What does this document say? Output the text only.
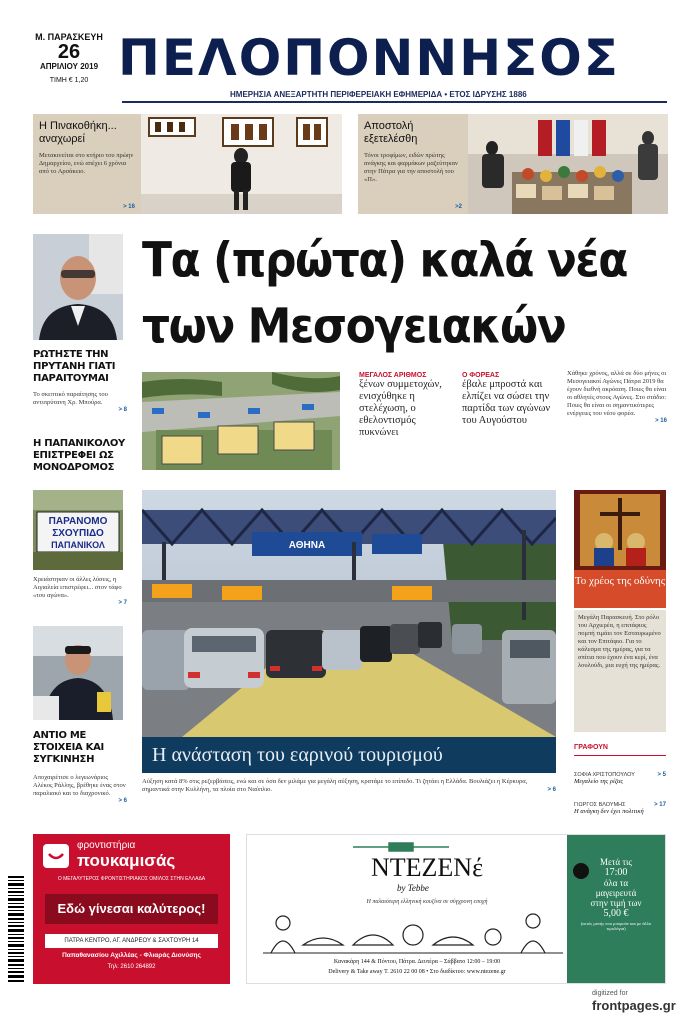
Μ. ΠΑΡΑΣΚΕΥΗ
26
ΑΠΡΙΛΙΟΥ 2019
ΤΙΜΗ € 1,20 ΠΕΛΟΠΟΝΝΗΣΟΣ
ΗΜΕΡΗΣΙΑ ΑΝΕΞΑΡΤΗΤΗ ΠΕΡΙΦΕΡΕΙΑΚΗ ΕΦΗΜΕΡΙΔΑ • ΕΤΟΣ ΙΔΡΥΣΗΣ 1886
Η Πινακοθήκη... αναχωρεί

Μετακινείται στο κτήριο του πρώην Δημαρχείου, ενώ απέχει 6 χρόνια από το Αρσάκειο.

> 16
Αποστολή εξετελέσθη

Τόνοι τροφίμων, ειδών πρώτης ανάγκης και φαρμάκων μαζεύτηκαν στην Πάτρα για την αποστολή του «Π».

>2
Τα (πρώτα) καλά νέα
των Μεσογειακών
ΡΩΤΗΣΤΕ ΤΗΝ ΠΡΥΤΑΝΗ ΓΙΑΤΙ ΠΑΡΑΙΤΟΥΜΑΙ
Το σκεπτικό παραίτησης του αντιπρύτανη Χρ. Μπούρα.
> 8
Η ΠΑΠΑΝΙΚΟΛΟΥ ΕΠΙΣΤΡΕΦΕΙ ΩΣ ΜΟΝΟΔΡΟΜΟΣ
ΠΑΡΑΝΟΜΟ
ΣΧΟΥΠΙΔΟ
ΠΑΠΑΝΙΚΟΛ
Χρειάστηκαν οι άλλες λύσεις, η Αιγιαλεία επιστρέφει... στον τάφο «του αγώνα».
> 7
ΑΝΤΙΟ ΜΕ ΣΤΟΙΧΕΙΑ ΚΑΙ ΣΥΓΚΙΝΗΣΗ
Αποχαιρέτισε ο λεγεωνάριος Αλέκος Ράλλης, βρέθηκε ένας στον παραλιακό και το διαχρονικό.
> 6
ΜΕΓΑΛΟΣ ΑΡΙΘΜΟΣ
ξένων συμμετοχών, ενισχύθηκε η στελέχωση, ο εθελοντισμός πυκνώνει
Ο ΦΟΡΕΑΣ
έβαλε μπροστά και ελπίζει να σώσει την παρτίδα των αγώνων του Αυγούστου
Χάθηκε χρόνος, αλλά σε δύο μήνες οι Μεσογειακοί Αγώνες Πάτρα 2019 θα έχουν διεθνή ακρόαση. Ποιες θα είναι οι αθλητές στους Αγώνες. Στο στάδιο: Ποιες θα είναι οι σημαντικότερες ενέργειες του νέου φορέα.
> 16
ΑΘΗΝΑ
Η ανάσταση του εαρινού τουρισμού
Αύξηση κατά 8% στις ρεζερβάσεις, ενώ και σε όσα δεν μιλάμε για μεγάλη αύξηση, κρατάμε το επίπεδο. Τι ζητάει η Ελλάδα. Βουλιάζει η Κέρκυρα, σημαντικά στην Κυλλήνη, τα πλοία στο Ναύπλιο.	> 6
Το χρέος της οδύνης
Μεγάλη Παρασκευή. Στο ρόλο του Αρχιερέα, η επιτάφιος πομπή τιμάει τον Εσταυρωμένο και τον Επιτάφιο. Για το κάλεσμα της ημέρας, για τα σπίτια που έχουν ένα κερί, ένα λουλούδι, μια ευχή της ημέρας.
ΓΡΑΦΟΥΝ
ΣΟΦΙΑ ΧΡΙΣΤΟΠΟΥΛΟΥ
Μεγαλείο της ρίζας
> 5
ΓΙΩΡΓΟΣ ΒΛΟΥΜΗΣ
Η ανάγκη δεν έχει πολιτική
> 17
φροντιστήρια
πουκαμισάς
Ο ΜΕΓΑΛΥΤΕΡΟΣ ΦΡΟΝΤΙΣΤΗΡΙΑΚΟΣ ΟΜΙΛΟΣ ΣΤΗΝ ΕΛΛΑΔΑ
Εδώ γίνεσαι καλύτερος!
ΠΑΤΡΑ ΚΕΝΤΡΟ, ΑΓ. ΑΝΔΡΕΟΥ & ΣΑΧΤΟΥΡΗ 14
Παπαθανασίου Αχιλλέας - Φλιαράς Διονύσης
Τηλ: 2610 264892
ΝΤΕΖΕΝέ
by Tebbe
Η παλαιότερη ελληνική κουζίνα σε σύγχρονη εποχή
Κανακάρη 144 & Πόντου, Πάτρα. Δευτέρα – Σάββατο 12:00 – 19:00
Delivery & Take away Τ. 2610 22 00 08 • Στο διαδίκτυο: www.ntezene.gr
Μετά τις
17:00
όλα τα
μαγειρευτά
στην τιμή των
5,00 €
(εκτός μονής που μπορούν και με άλλο τιμολόγια)
digitized for
frontpages.gr
